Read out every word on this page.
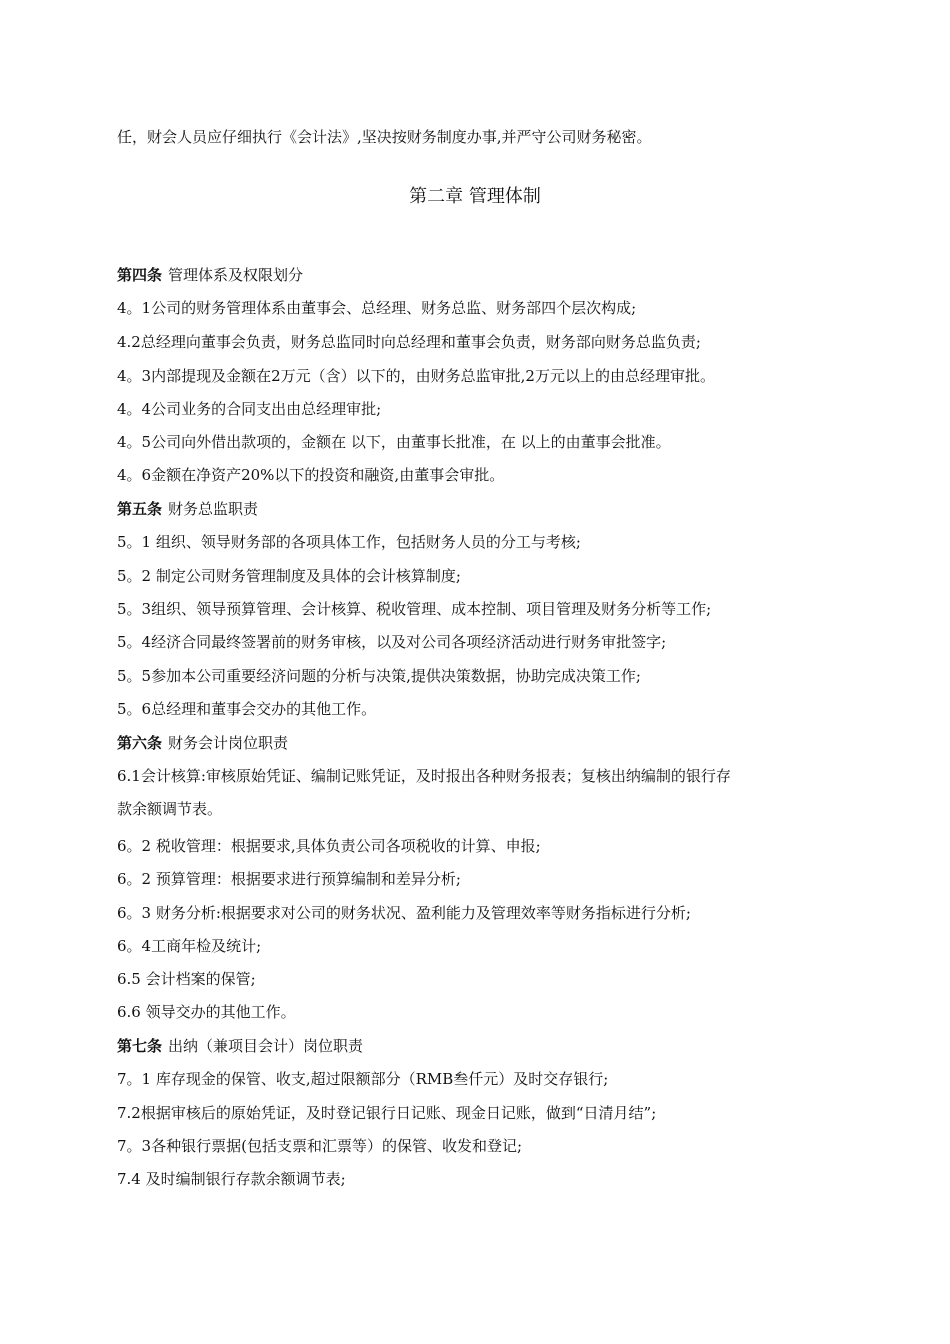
任，财会人员应仔细执行《会计法》,坚决按财务制度办事,并严守公司财务秘密。
第二章 管理体制
第四条 管理体系及权限划分
4。1公司的财务管理体系由董事会、总经理、财务总监、财务部四个层次构成;
4.2总经理向董事会负责，财务总监同时向总经理和董事会负责，财务部向财务总监负责;
4。3内部提现及金额在2万元（含）以下的，由财务总监审批,2万元以上的由总经理审批。
4。4公司业务的合同支出由总经理审批;
4。5公司向外借出款项的，金额在 以下，由董事长批准，在 以上的由董事会批准。
4。6金额在净资产20%以下的投资和融资,由董事会审批。
第五条 财务总监职责
5。1 组织、领导财务部的各项具体工作，包括财务人员的分工与考核;
5。2 制定公司财务管理制度及具体的会计核算制度;
5。3组织、领导预算管理、会计核算、税收管理、成本控制、项目管理及财务分析等工作;
5。4经济合同最终签署前的财务审核，以及对公司各项经济活动进行财务审批签字;
5。5参加本公司重要经济问题的分析与决策,提供决策数据，协助完成决策工作;
5。6总经理和董事会交办的其他工作。
第六条 财务会计岗位职责
6.1会计核算:审核原始凭证、编制记账凭证，及时报出各种财务报表；复核出纳编制的银行存
款余额调节表。
6。2 税收管理：根据要求,具体负责公司各项税收的计算、申报;
6。2 预算管理：根据要求进行预算编制和差异分析;
6。3 财务分析:根据要求对公司的财务状况、盈利能力及管理效率等财务指标进行分析;
6。4工商年检及统计;
6.5 会计档案的保管;
6.6 领导交办的其他工作。
第七条 出纳（兼项目会计）岗位职责
7。1 库存现金的保管、收支,超过限额部分（RMB叁仟元）及时交存银行;
7.2根据审核后的原始凭证，及时登记银行日记账、现金日记账，做到“日清月结”;
7。3各种银行票据(包括支票和汇票等）的保管、收发和登记;
7.4 及时编制银行存款余额调节表;
